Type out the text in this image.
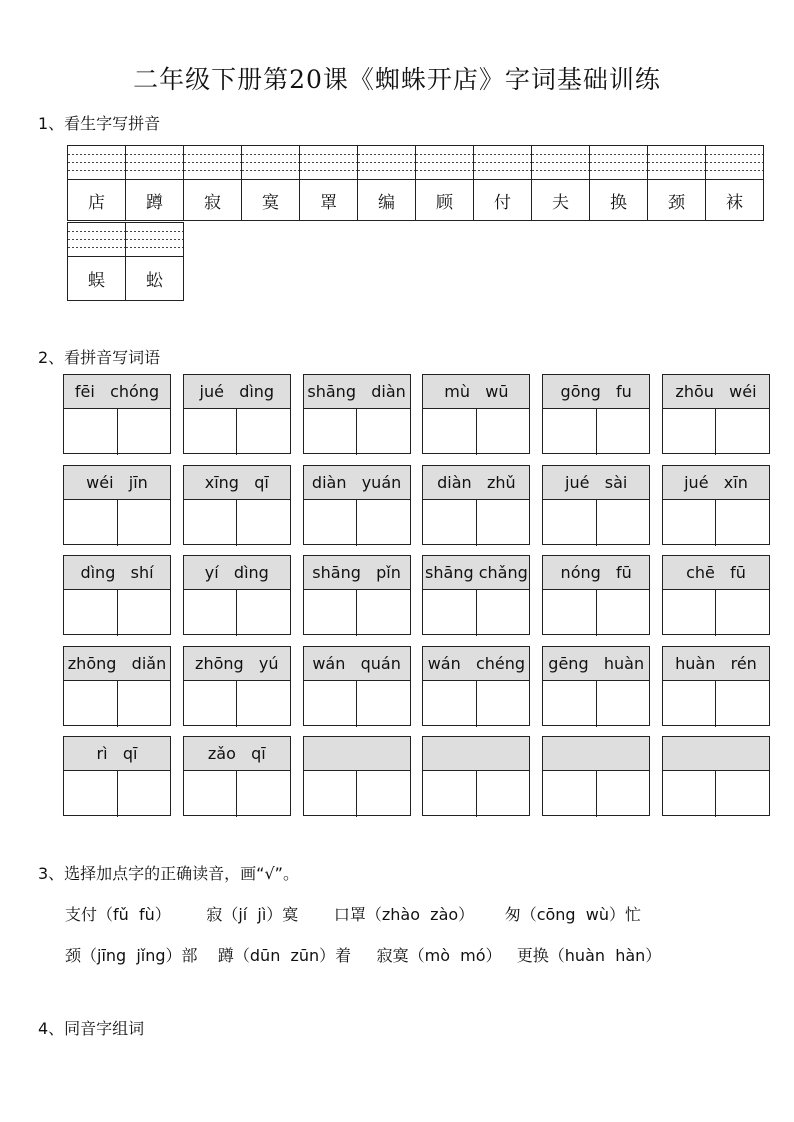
二年级下册第20课《蜘蛛开店》字词基础训练
1、看生字写拼音

店	蹲	寂	寞	罩	编	顾	付	夫	换	颈	袜

蜈	蚣
2、看拼音写词语
fēi   chóng	jué   dìng	shāng   diàn	mù   wū	gōng   fu	zhōu   wéi
wéi   jīn	xīng   qī	diàn   yuán	diàn   zhǔ	jué   sài	jué   xīn
dìng   shí	yí   dìng	shāng   pǐn	shāng chǎng	nóng   fū	chē   fū
zhōng   diǎn	zhōng   yú	wán   quán	wán   chéng	gēng   huàn	huàn   rén
rì   qī	zǎo   qī
3、选择加点字的正确读音，画“√”。
支付（fǔ  fù）       寂（jí  jì）寞       口罩（zhào  zào）      匆（cōng  wù）忙
颈（jīng  jǐng）部    蹲（dūn  zūn）着     寂寞（mò  mó）   更换（huàn  hàn）
4、同音字组词
